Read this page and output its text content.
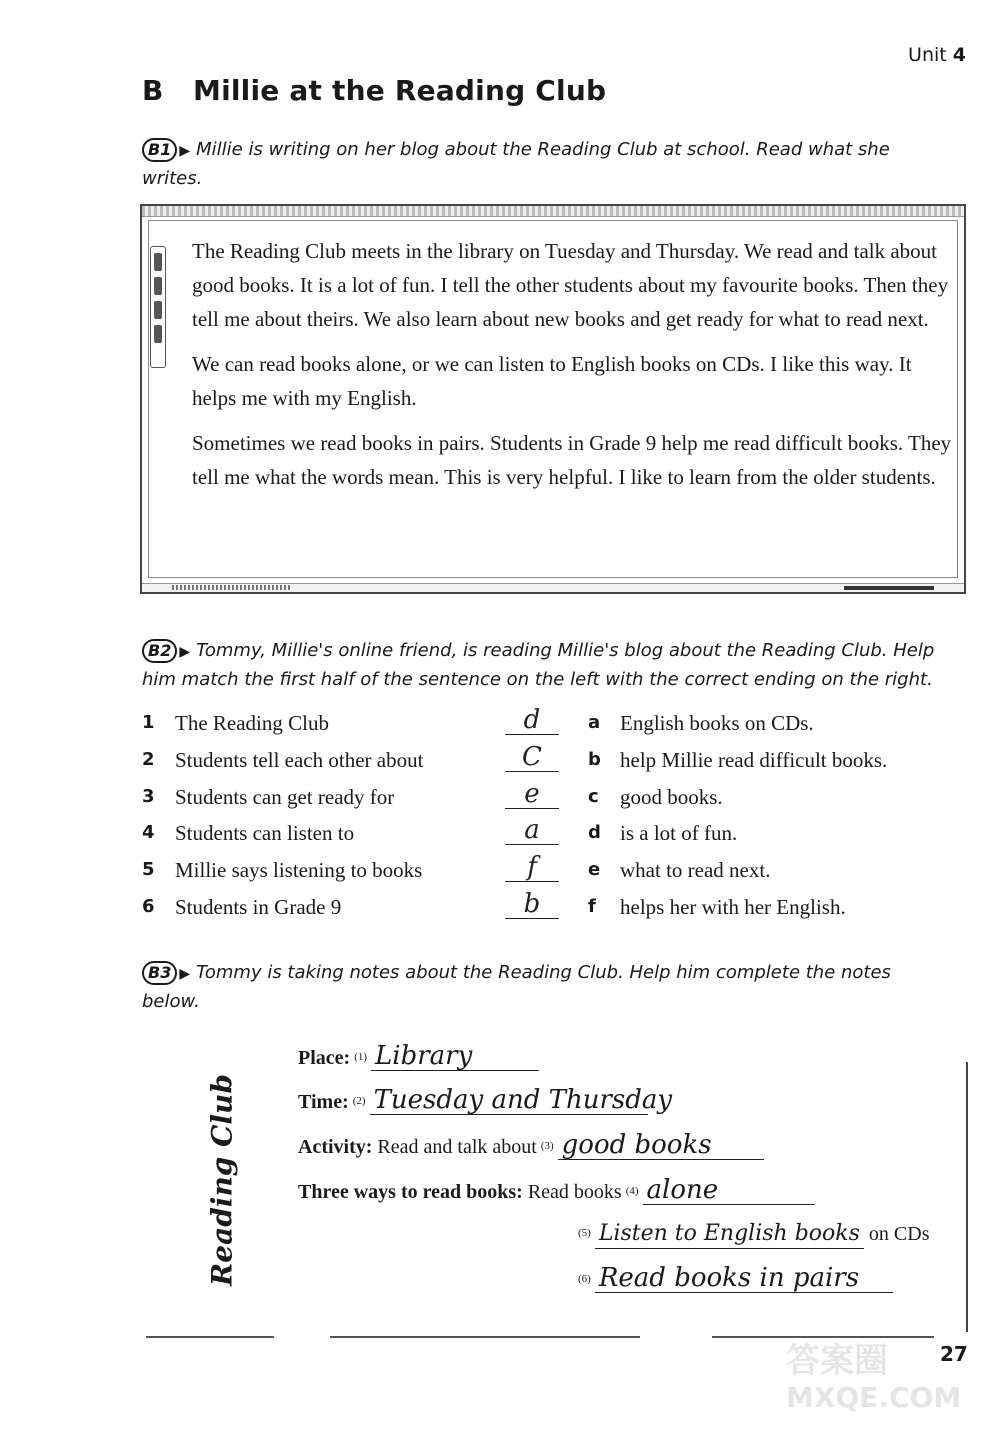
Unit 4
B Millie at the Reading Club
B1 ▶ Millie is writing on her blog about the Reading Club at school. Read what she writes.

The Reading Club meets in the library on Tuesday and Thursday. We read and talk about good books. It is a lot of fun. I tell the other students about my favourite books. Then they tell me about theirs. We also learn about new books and get ready for what to read next.

We can read books alone, or we can listen to English books on CDs. I like this way. It helps me with my English.

Sometimes we read books in pairs. Students in Grade 9 help me read difficult books. They tell me what the words mean. This is very helpful. I like to learn from the older students.

B2 ▶ Tommy, Millie's online friend, is reading Millie's blog about the Reading Club. Help him match the first half of the sentence on the left with the correct ending on the right.
1 The Reading Club	d	a English books on CDs.
2 Students tell each other about	C	b help Millie read difficult books.
3 Students can get ready for	e	c	good books.
4 Students can listen to	a	d is a lot of fun.
5 Millie says listening to books	f	e what to read next.
6 Students in Grade 9	b	f	helps her with her English.
B3 ▶ Tommy is taking notes about the Reading Club. Help him complete the notes below.
Reading Club
Place: $^{(1)}$ Library
Time: $^{(2)}$ Tuesday and Thursday
Activity: Read and talk about $^{(3)}$ good books
Three ways to read books: Read books $^{(4)}$ alone
$^{(5)}$ Listen to English books on CDs
$^{(6)}$ Read books in pairs
27
答案圈
MXQE.COM
